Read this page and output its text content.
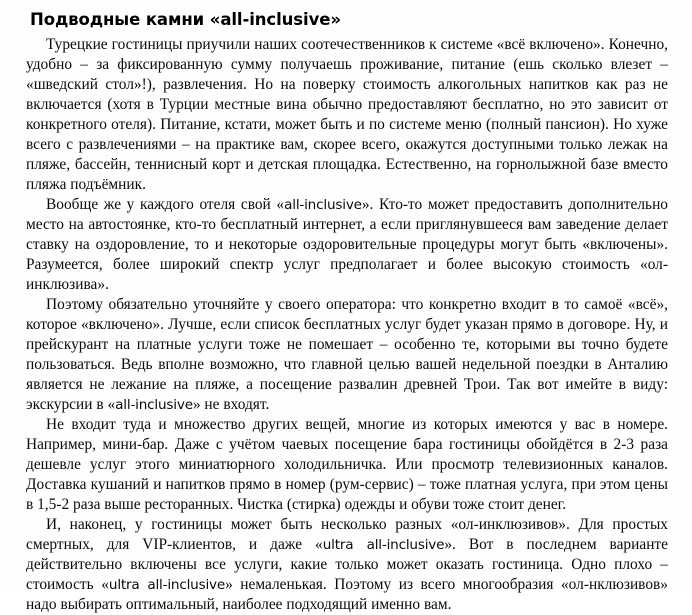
Подводные камни «all-inclusive»

Турецкие гостиницы приучили наших соотечественников к системе «всё включено». Конечно, удобно – за фиксированную сумму получаешь проживание, питание (ешь сколько влезет – «шведский стол»!), развлечения. Но на поверку стоимость алкогольных напитков как раз не включается (хотя в Турции местные вина обычно предоставляют бесплатно, но это зависит от конкретного отеля). Питание, кстати, может быть и по системе меню (полный пансион). Но хуже всего с развлечениями – на практике вам, скорее всего, окажутся доступными только лежак на пляже, бассейн, теннисный корт и детская площадка. Естественно, на горнолыжной базе вместо пляжа подъёмник.

Вообще же у каждого отеля свой «all-inclusive». Кто-то может предоставить дополнительно место на автостоянке, кто-то бесплатный интернет, а если приглянувшееся вам заведение делает ставку на оздоровление, то и некоторые оздоровительные процедуры могут быть «включены». Разумеется, более широкий спектр услуг предполагает и более высокую стоимость «ол-инклюзива».

Поэтому обязательно уточняйте у своего оператора: что конкретно входит в то самоё «всё», которое «включено». Лучше, если список бесплатных услуг будет указан прямо в договоре. Ну, и прейскурант на платные услуги тоже не помешает – особенно те, которыми вы точно будете пользоваться. Ведь вполне возможно, что главной целью вашей недельной поездки в Анталию является не лежание на пляже, а посещение развалин древней Трои. Так вот имейте в виду: экскурсии в «all-inclusive» не входят.

Не входит туда и множество других вещей, многие из которых имеются у вас в номере. Например, мини-бар. Даже с учётом чаевых посещение бара гостиницы обойдётся в 2-3 раза дешевле услуг этого миниатюрного холодильничка. Или просмотр телевизионных каналов. Доставка кушаний и напитков прямо в номер (рум-сервис) – тоже платная услуга, при этом цены в 1,5-2 раза выше ресторанных. Чистка (стирка) одежды и обуви тоже стоит денег.

И, наконец, у гостиницы может быть несколько разных «ол-инклюзивов». Для простых смертных, для VIP-клиентов, и даже «ultra all-inclusive». Вот в последнем варианте действительно включены все услуги, какие только может оказать гостиница. Одно плохо – стоимость «ultra all-inclusive» немаленькая. Поэтому из всего многообразия «ол-нклюзивов» надо выбирать оптимальный, наиболее подходящий именно вам.
